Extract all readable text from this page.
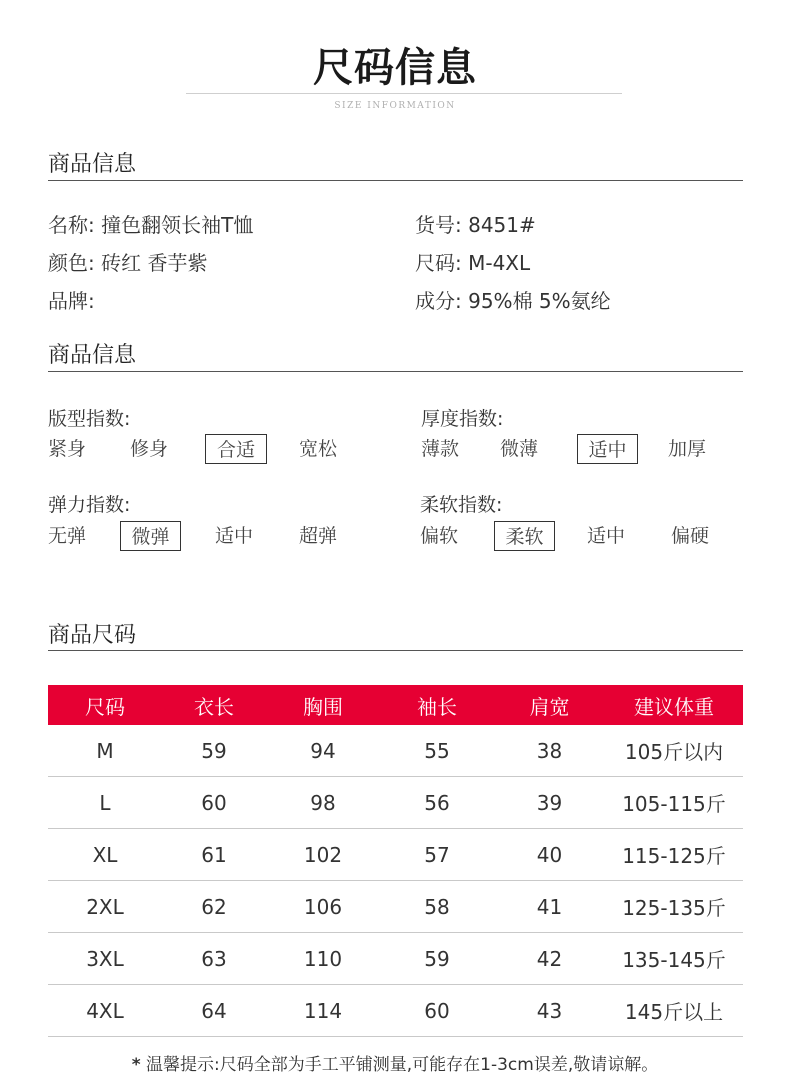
尺码信息
SIZE INFORMATION
商品信息
名称: 撞色翻领长袖T恤	货号: 8451#
颜色: 砖红 香芋紫	尺码: M-4XL
品牌:	成分: 95%棉 5%氨纶
商品信息
版型指数:
紧身 修身	合适	宽松
厚度指数:
薄款	微薄	适中	加厚
弹力指数:
无弹	微弹	适中	超弹
柔软指数:
偏软	柔软	适中	偏硬
商品尺码
尺码	衣长	胸围	袖长	肩宽	建议体重
M	59	94	55	38	105斤以内
L	60	98	56	39	105-115斤
XL	61	102	57	40	115-125斤
2XL	62	106	58	41	125-135斤
3XL	63	110	59	42	135-145斤
4XL	64	114	60	43	145斤以上
* 温馨提示:尺码全部为手工平铺测量,可能存在1-3cm误差,敬请谅解。
